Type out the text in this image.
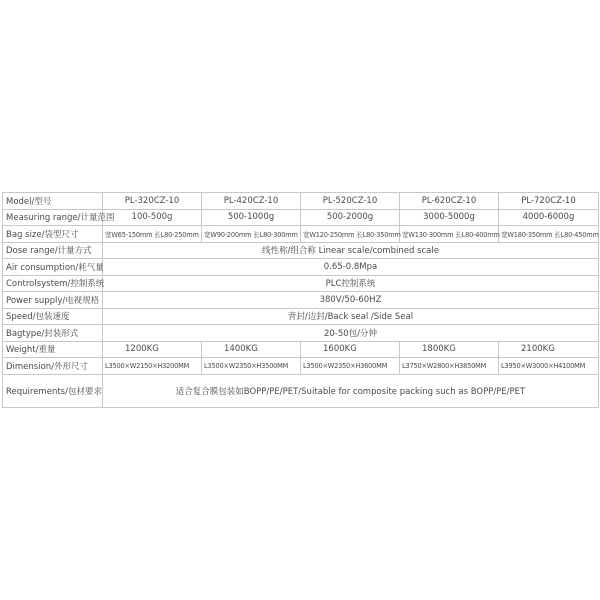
Model/型号	PL-320CZ-10	PL-420CZ-10	PL-520CZ-10	PL-620CZ-10	PL-720CZ-10
Measuring range/计量范围	100-500g	500-1000g	500-2000g	3000-5000g	4000-6000g
Bag size/袋型尺寸	宽W65-150mm 长L80-250mm	宽W90-200mm 长L80-300mm	宽W120-250mm 长L80-350mm	宽W130-300mm 长L80-400mm	宽W180-350mm 长L80-450mm
Dose range/计量方式	线性称/组合称 Linear scale/combined scale				
Air consumption/耗气量	0.65-0.8Mpa				
Controlsystem/控制系统	PLC控制系统				
Power supply/电视规格	380V/50-60HZ				
Speed/包装速度	背封/边封/Back seal /Side Seal				
Bagtype/封装形式	20-50包/分钟				
Weight/重量	1200KG	1400KG	1600KG	1800KG	2100KG
Dimension/外形尺寸	L3500×W2150×H3200MM	L3500×W2350×H3500MM	L3500×W2350×H3600MM	L3750×W2800×H3850MM	L3950×W3000×H4100MM
Requirements/包材要求	适合复合膜包装如BOPP/PE/PET/Suitable for composite packing such as BOPP/PE/PET				
